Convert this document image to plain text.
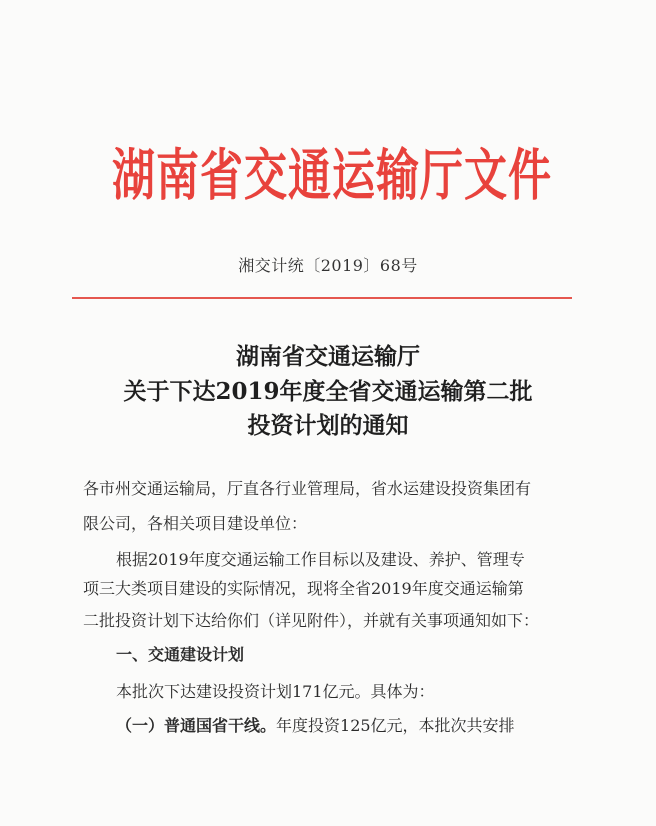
湖南省交通运输厅文件
湘交计统〔2019〕68号
湖南省交通运输厅
关于下达2019年度全省交通运输第二批
投资计划的通知
各市州交通运输局，厅直各行业管理局，省水运建设投资集团有
限公司，各相关项目建设单位：
根据2019年度交通运输工作目标以及建设、养护、管理专
项三大类项目建设的实际情况，现将全省2019年度交通运输第
二批投资计划下达给你们（详见附件），并就有关事项通知如下：
一、交通建设计划
本批次下达建设投资计划171亿元。具体为：
（一）普通国省干线。年度投资125亿元，本批次共安排
